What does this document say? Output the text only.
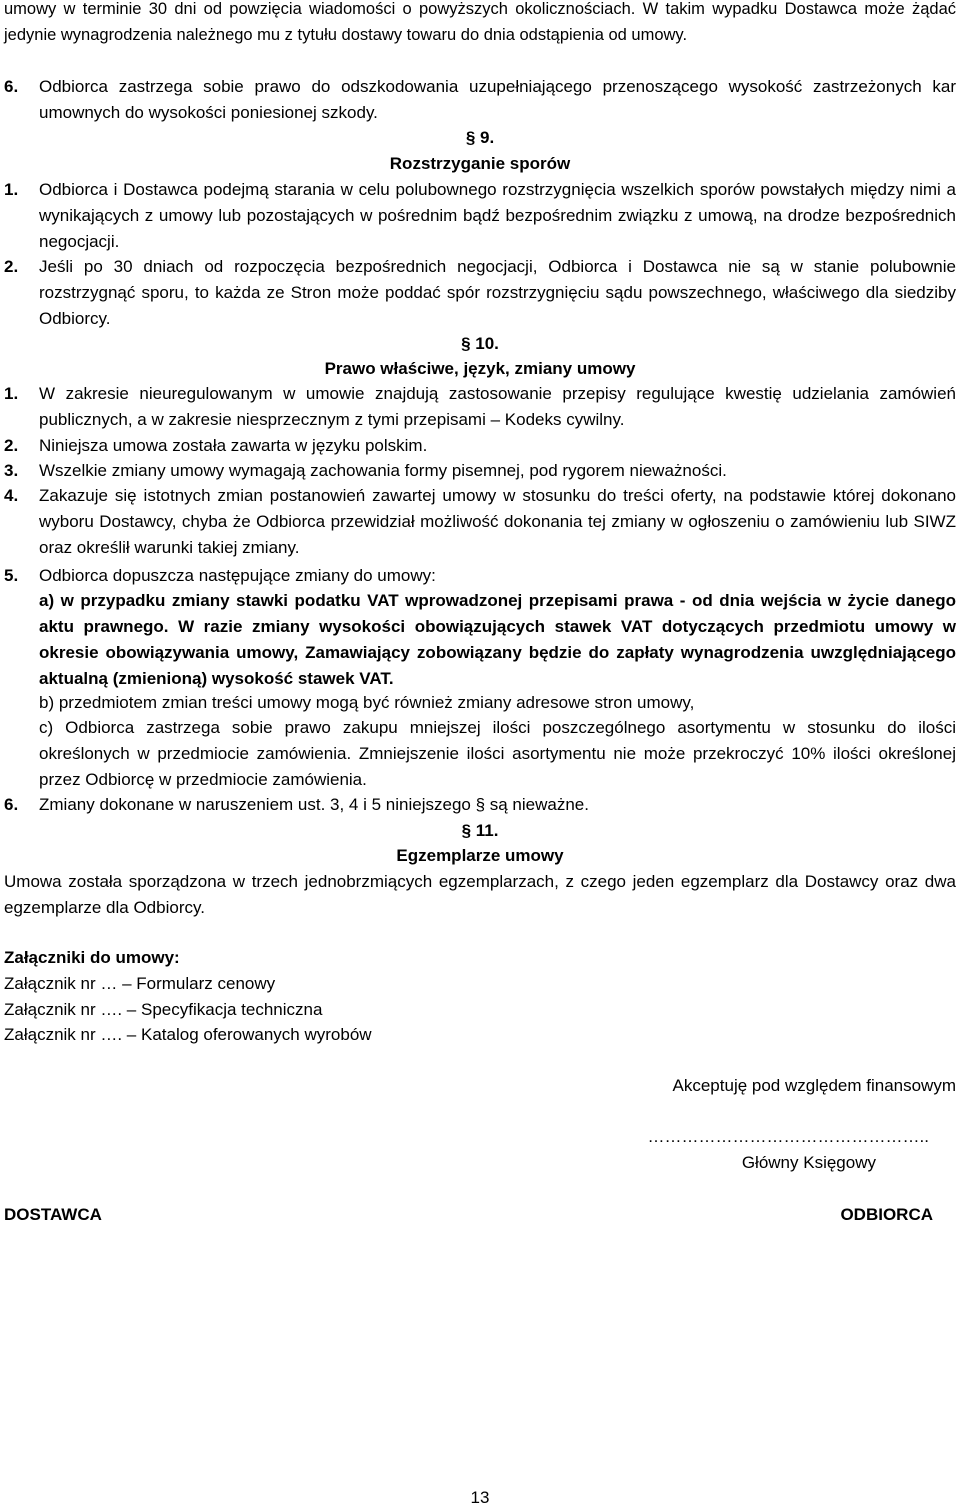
umowy w terminie 30 dni od powzięcia wiadomości o powyższych okolicznościach. W takim wypadku Dostawca może żądać jedynie wynagrodzenia należnego mu z tytułu dostawy towaru do dnia odstąpienia od umowy.
6.	Odbiorca zastrzega sobie prawo do odszkodowania uzupełniającego przenoszącego wysokość zastrzeżonych kar umownych do wysokości poniesionej szkody.
§ 9.
Rozstrzyganie sporów
1.	Odbiorca i Dostawca podejmą starania w celu polubownego rozstrzygnięcia wszelkich sporów powstałych między nimi a wynikających z umowy lub pozostających w pośrednim bądź bezpośrednim związku z umową, na drodze bezpośrednich negocjacji.
2.	Jeśli po 30 dniach od rozpoczęcia bezpośrednich negocjacji, Odbiorca i Dostawca nie są w stanie polubownie rozstrzygnąć sporu, to każda ze Stron może poddać spór rozstrzygnięciu sądu powszechnego, właściwego dla siedziby Odbiorcy.
§ 10.
Prawo właściwe, język, zmiany umowy
1.	W zakresie nieuregulowanym w umowie znajdują zastosowanie przepisy regulujące kwestię udzielania zamówień publicznych, a w zakresie niesprzecznym z tymi przepisami – Kodeks cywilny.
2.	Niniejsza umowa została zawarta w języku polskim.
3.	Wszelkie zmiany umowy wymagają zachowania formy pisemnej, pod rygorem nieważności.
4.	Zakazuje się istotnych zmian postanowień zawartej umowy w stosunku do treści oferty, na podstawie której dokonano wyboru Dostawcy, chyba że Odbiorca przewidział możliwość dokonania tej zmiany w ogłoszeniu o zamówieniu lub SIWZ oraz określił warunki takiej zmiany.
5.	Odbiorca dopuszcza następujące zmiany do umowy:
a) w przypadku zmiany stawki podatku VAT wprowadzonej przepisami prawa - od dnia wejścia w życie danego aktu prawnego. W razie zmiany wysokości obowiązujących stawek VAT dotyczących przedmiotu umowy w okresie obowiązywania umowy, Zamawiający zobowiązany będzie do zapłaty wynagrodzenia uwzględniającego aktualną (zmienioną) wysokość stawek VAT.
b) przedmiotem zmian treści umowy mogą być również zmiany adresowe stron umowy,
c) Odbiorca zastrzega sobie prawo zakupu mniejszej ilości poszczególnego asortymentu w stosunku do ilości określonych w przedmiocie zamówienia. Zmniejszenie ilości asortymentu nie może przekroczyć 10% ilości określonej przez Odbiorcę w przedmiocie zamówienia.
6.	Zmiany dokonane w naruszeniem ust. 3, 4 i 5 niniejszego § są nieważne.
§ 11.
Egzemplarze umowy
Umowa została sporządzona w trzech jednobrzmiących egzemplarzach, z czego jeden egzemplarz dla Dostawcy oraz dwa egzemplarze dla Odbiorcy.
Załączniki do umowy:
Załącznik nr … – Formularz cenowy
Załącznik nr …. – Specyfikacja techniczna
Załącznik nr …. – Katalog oferowanych wyrobów
Akceptuję pod względem finansowym
…………………………………………..
Główny Księgowy
DOSTAWCA	ODBIORCA
13
